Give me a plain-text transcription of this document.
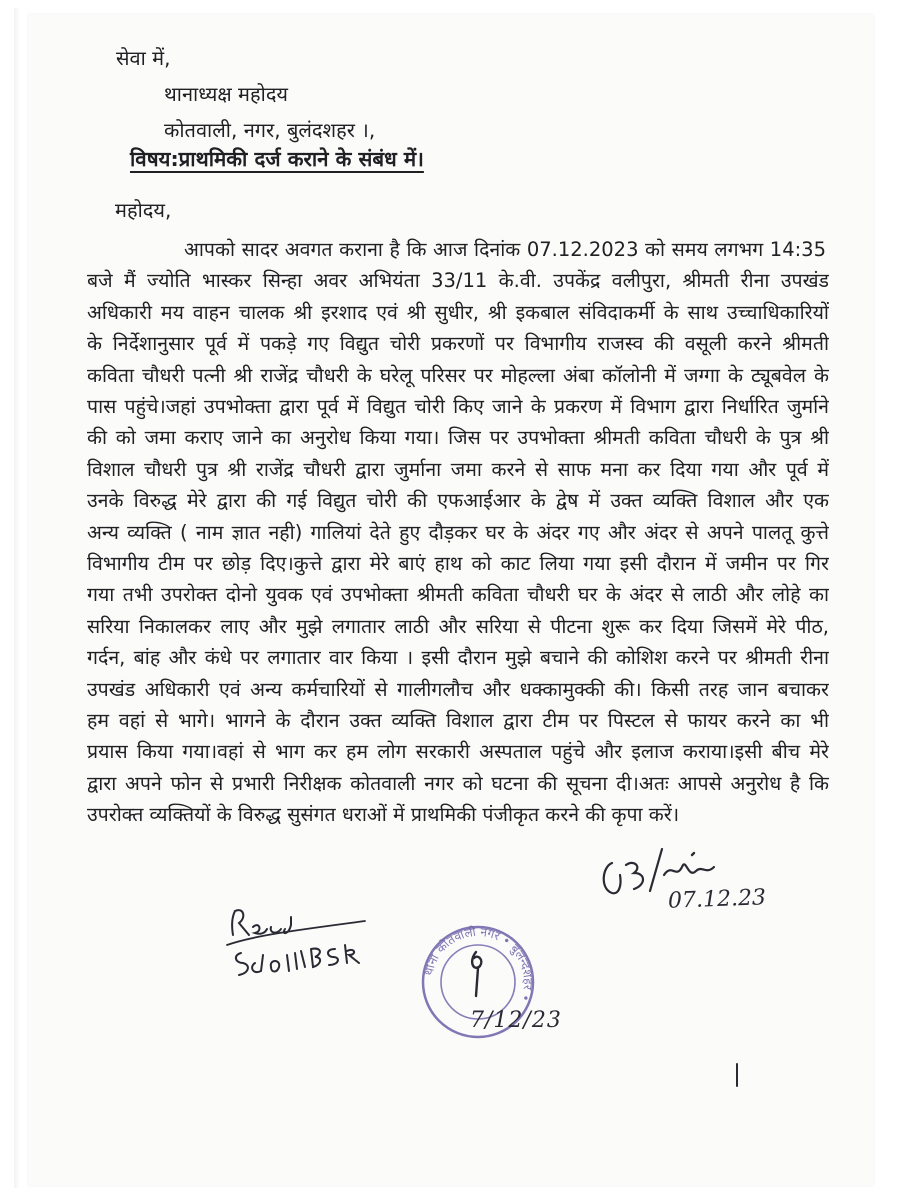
सेवा में,
थानाध्यक्ष महोदय
कोतवाली, नगर, बुलंदशहर ।,
विषय:प्राथमिकी दर्ज कराने के संबंध में।
महोदय,
आपको सादर अवगत कराना है कि आज दिनांक 07.12.2023 को समय लगभग 14:35
बजे मैं ज्योति भास्कर सिन्हा अवर अभियंता 33/11 के.वी. उपकेंद्र वलीपुरा, श्रीमती रीना उपखंड
अधिकारी मय वाहन चालक श्री इरशाद एवं श्री सुधीर, श्री इकबाल संविदाकर्मी के साथ उच्चाधिकारियों
के निर्देशानुसार पूर्व में पकड़े गए विद्युत चोरी प्रकरणों पर विभागीय राजस्व की वसूली करने श्रीमती
कविता चौधरी पत्नी श्री राजेंद्र चौधरी के घरेलू परिसर पर मोहल्ला अंबा कॉलोनी में जग्गा के ट्यूबवेल के
पास पहुंचे।जहां उपभोक्ता द्वारा पूर्व में विद्युत चोरी किए जाने के प्रकरण में विभाग द्वारा निर्धारित जुर्माने
की को जमा कराए जाने का अनुरोध किया गया। जिस पर उपभोक्ता श्रीमती कविता चौधरी के पुत्र श्री
विशाल चौधरी पुत्र श्री राजेंद्र चौधरी द्वारा जुर्माना जमा करने से साफ मना कर दिया गया और पूर्व में
उनके विरुद्ध मेरे द्वारा की गई विद्युत चोरी की एफआईआर के द्वेष में उक्त व्यक्ति विशाल और एक
अन्य व्यक्ति ( नाम ज्ञात नही) गालियां देते हुए दौड़कर घर के अंदर गए और अंदर से अपने पालतू कुत्ते
विभागीय टीम पर छोड़ दिए।कुत्ते द्वारा मेरे बाएं हाथ को काट लिया गया इसी दौरान में जमीन पर गिर
गया तभी उपरोक्त दोनो युवक एवं उपभोक्ता श्रीमती कविता चौधरी घर के अंदर से लाठी और लोहे का
सरिया निकालकर लाए और मुझे लगातार लाठी और सरिया से पीटना शुरू कर दिया जिसमें मेरे पीठ,
गर्दन, बांह और कंधे पर लगातार वार किया । इसी दौरान मुझे बचाने की कोशिश करने पर श्रीमती रीना
उपखंड अधिकारी एवं अन्य कर्मचारियों से गालीगलौच और धक्कामुक्की की। किसी तरह जान बचाकर
हम वहां से भागे। भागने के दौरान उक्त व्यक्ति विशाल द्वारा टीम पर पिस्टल से फायर करने का भी
प्रयास किया गया।वहां से भाग कर हम लोग सरकारी अस्पताल पहुंचे और इलाज कराया।इसी बीच मेरे
द्वारा अपने फोन से प्रभारी निरीक्षक कोतवाली नगर को घटना की सूचना दी।अतः आपसे अनुरोध है कि
उपरोक्त व्यक्तियों के विरुद्ध सुसंगत धराओं में प्राथमिकी पंजीकृत करने की कृपा करें।
07.12.23
थाना कोतवाली नगर • बुलन्दशहर •
7/12/23
